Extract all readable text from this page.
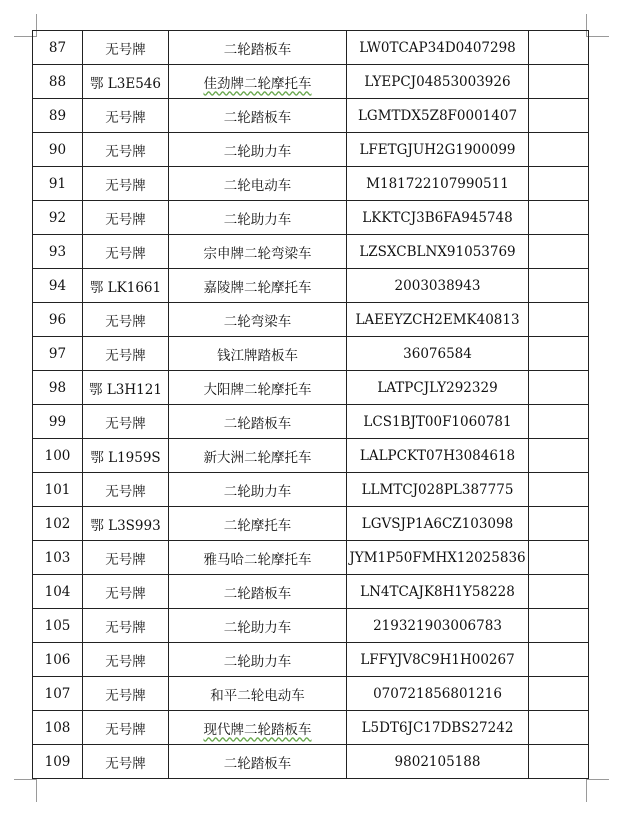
87	无号牌	二轮踏板车	LW0TCAP34D0407298	
88	鄂 L3E546	佳劲牌二轮摩托车	LYEPCJ04853003926	
89	无号牌	二轮踏板车	LGMTDX5Z8F0001407	
90	无号牌	二轮助力车	LFETGJUH2G1900099	
91	无号牌	二轮电动车	M181722107990511	
92	无号牌	二轮助力车	LKKTCJ3B6FA945748	
93	无号牌	宗申牌二轮弯梁车	LZSXCBLNX91053769	
94	鄂 LK1661	嘉陵牌二轮摩托车	2003038943	
96	无号牌	二轮弯梁车	LAEEYZCH2EMK40813	
97	无号牌	钱江牌踏板车	36076584	
98	鄂 L3H121	大阳牌二轮摩托车	LATPCJLY292329	
99	无号牌	二轮踏板车	LCS1BJT00F1060781	
100	鄂 L1959S	新大洲二轮摩托车	LALPCKT07H3084618	
101	无号牌	二轮助力车	LLMTCJ028PL387775	
102	鄂 L3S993	二轮摩托车	LGVSJP1A6CZ103098	
103	无号牌	雅马哈二轮摩托车	JYM1P50FMHX12025836	
104	无号牌	二轮踏板车	LN4TCAJK8H1Y58228	
105	无号牌	二轮助力车	219321903006783	
106	无号牌	二轮助力车	LFFYJV8C9H1H00267	
107	无号牌	和平二轮电动车	070721856801216	
108	无号牌	现代牌二轮踏板车	L5DT6JC17DBS27242	
109	无号牌	二轮踏板车	9802105188	
